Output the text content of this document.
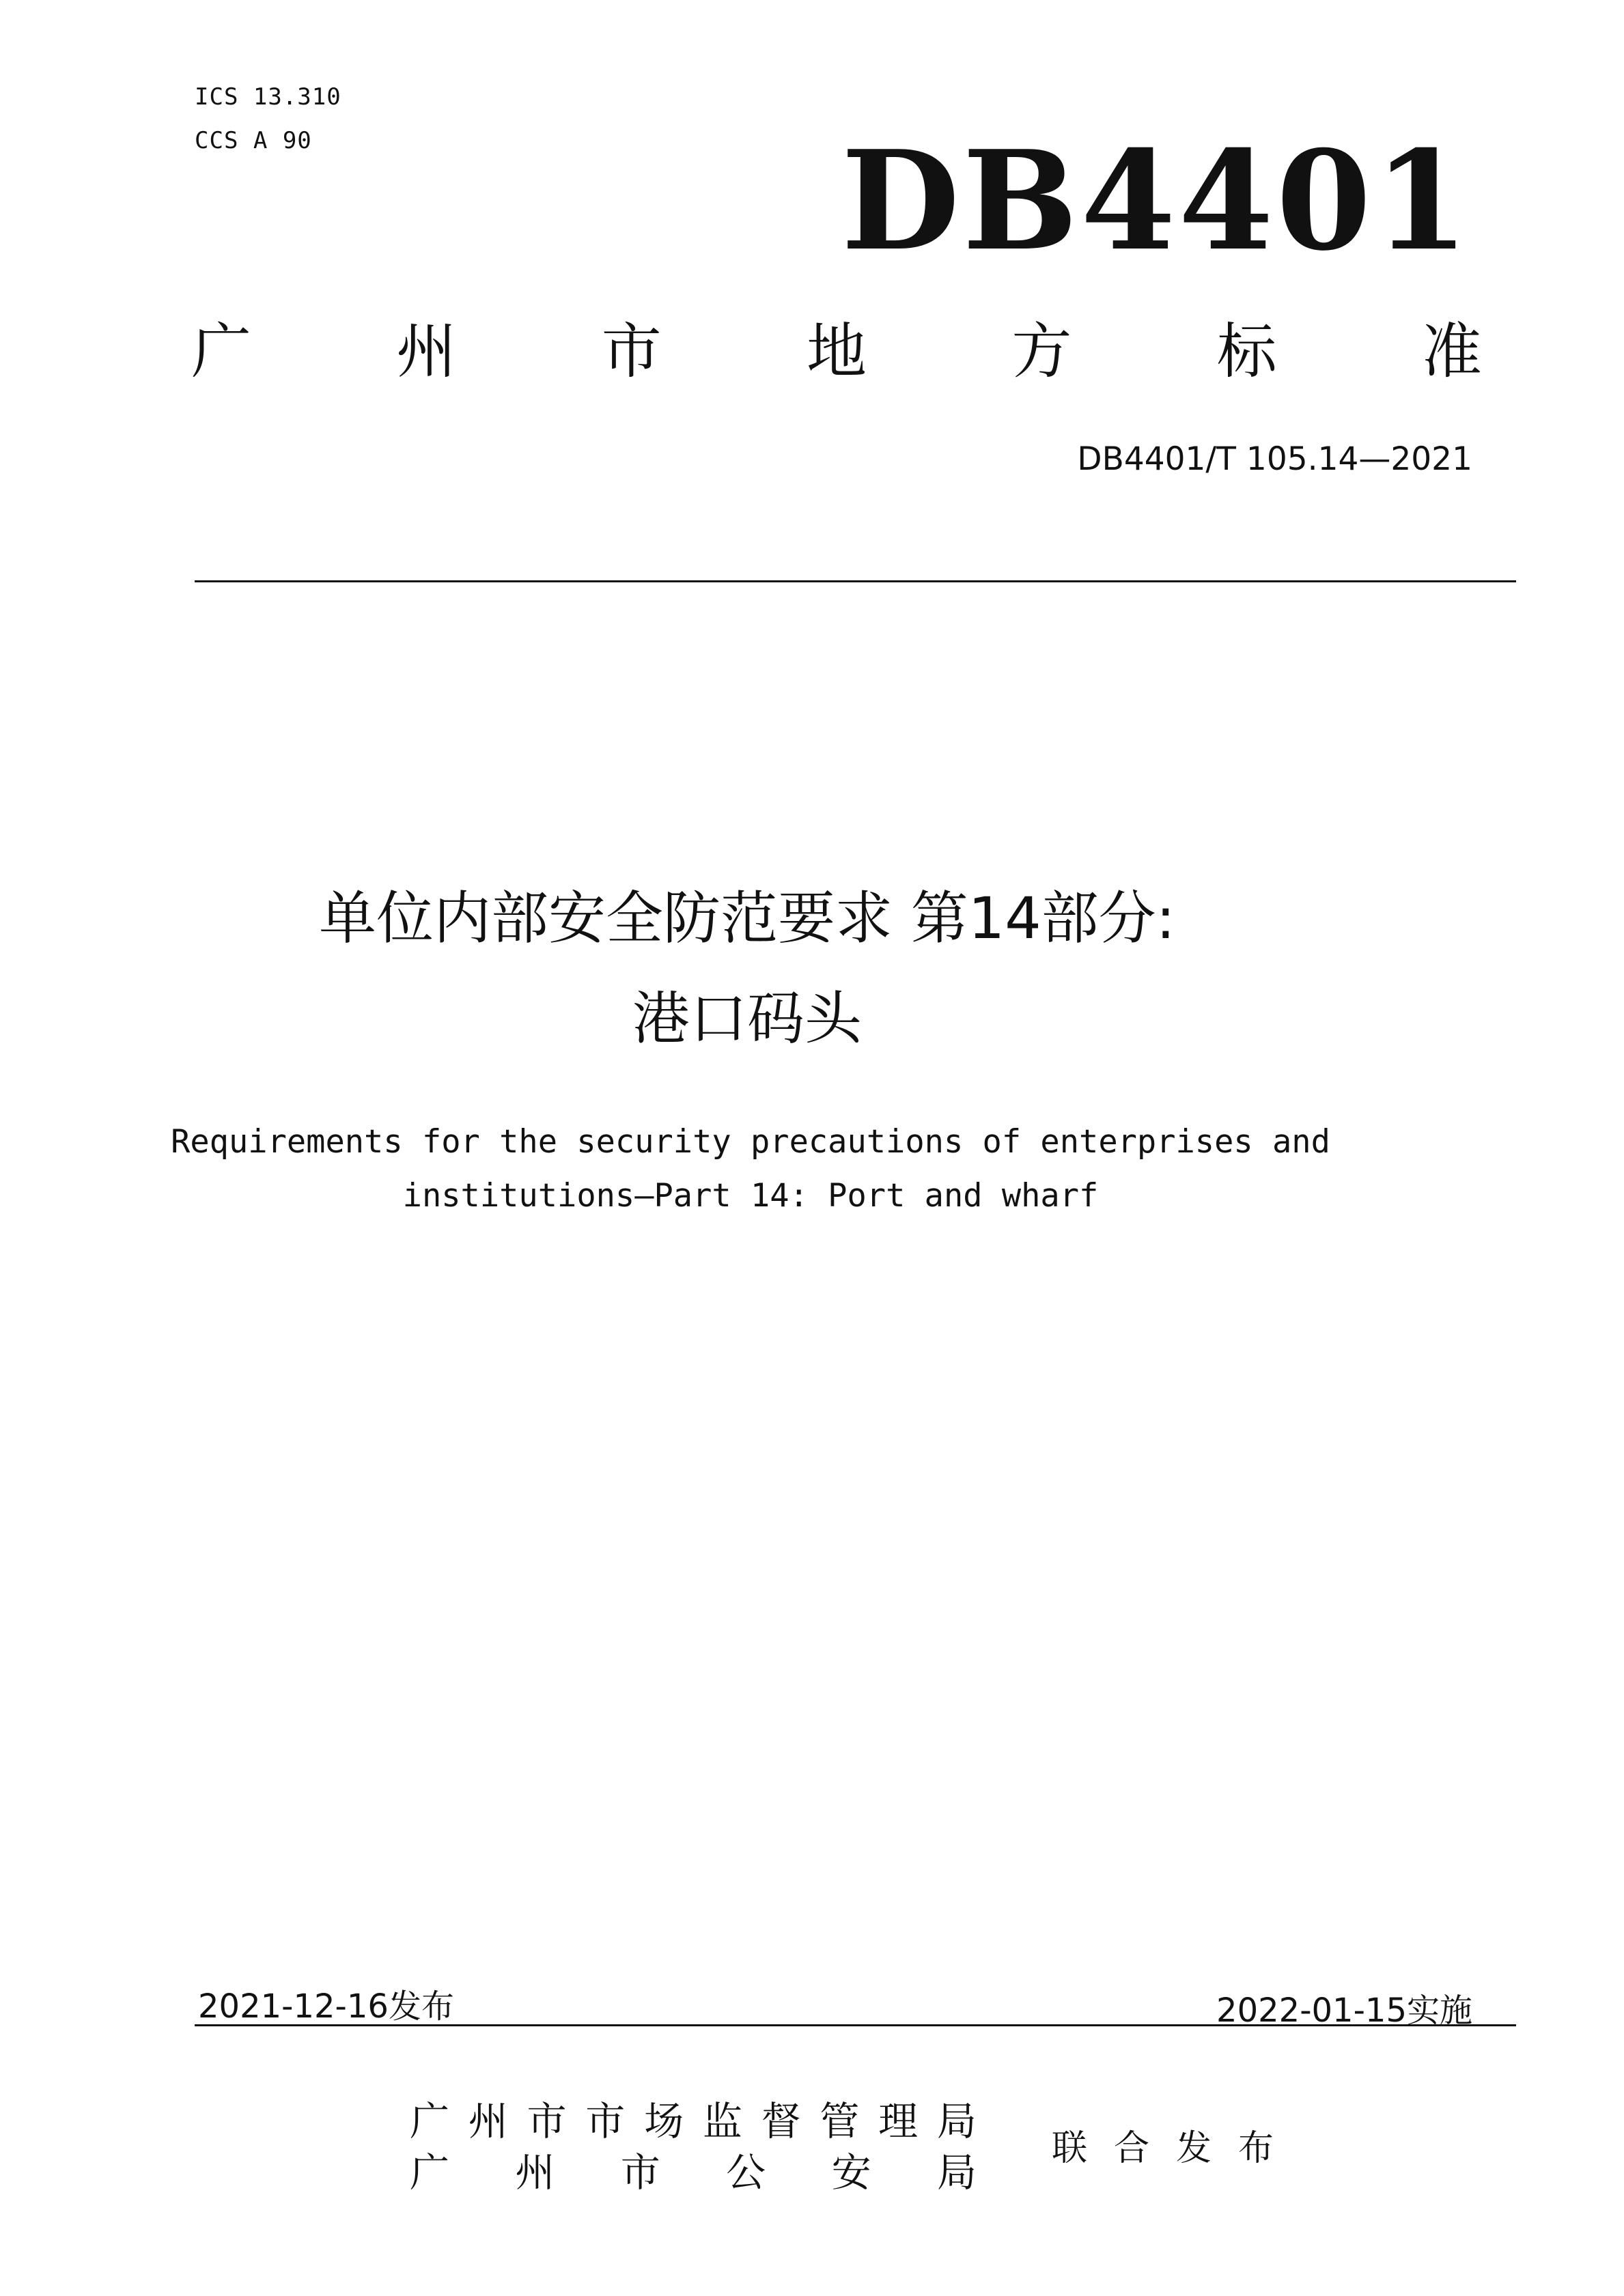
ICS 13.310
CCS A 90	DB4401
广 州 市 地 方 标 准
DB4401/T 105.14—2021
单位内部安全防范要求 第14部分:
港口码头
Requirements for the security precautions of enterprises and
institutions—Part 14: Port and wharf
2021-12-16发布	2022-01-15实施
广 州 市 市 场 监 督 管 理 局
广 州 市 公 安 局
联 合 发 布
